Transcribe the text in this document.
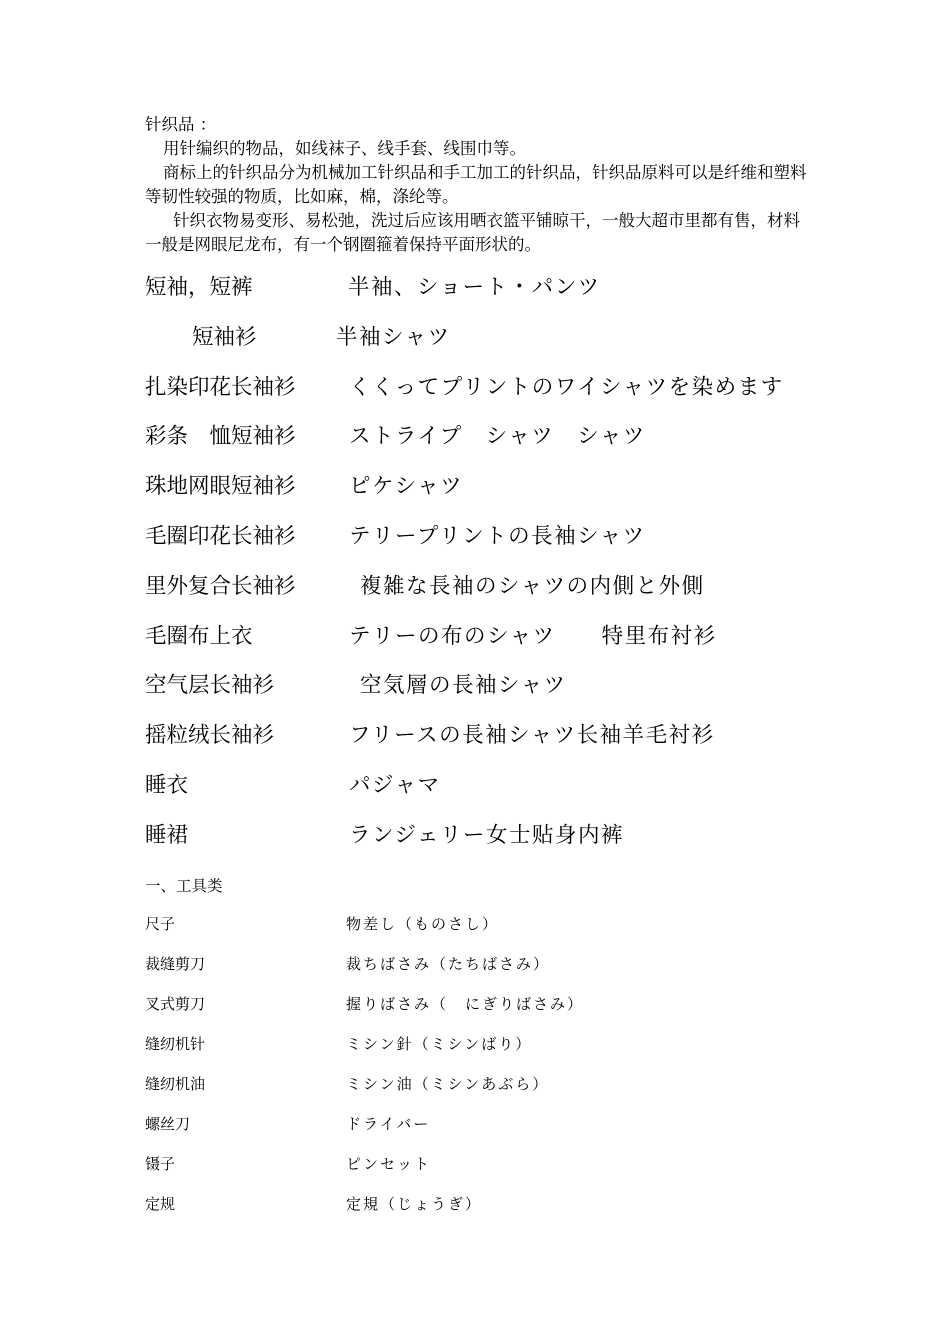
针织品 ：

用针编织的物品，如线袜子、线手套、线围巾等。

商标上的针织品分为机械加工针织品和手工加工的针织品，针织品原料可以是纤维和塑料等韧性较强的物质，比如麻，棉，涤纶等。

针织衣物易变形、易松弛，洗过后应该用晒衣篮平铺晾干，一般大超市里都有售，材料一般是网眼尼龙布，有一个钢圈箍着保持平面形状的。

短袖，短裤	半袖、ショート・パンツ
短袖衫	半袖シャツ
扎染印花长袖衫 くくってプリントのワイシャツを染めます
彩条　恤短袖衫 ストライプ　シャツ　シャツ
珠地网眼短袖衫 ピケシャツ
毛圈印花长袖衫 テリープリントの長袖シャツ
里外复合长袖衫	複雑な長袖のシャツの内側と外側
毛圈布上衣	テリーの布のシャツ　　特里布衬衫
空气层长袖衫	空気層の長袖シャツ
摇粒绒长袖衫	フリースの長袖シャツ长袖羊毛衬衫
睡衣	パジャマ
睡裙	ランジェリー女士贴身内裤
一、工具类
尺子	物差し（ものさし）
裁缝剪刀	裁ちばさみ（たちばさみ）
叉式剪刀	握りばさみ（　にぎりばさみ）
缝纫机针	ミシン針（ミシンばり）
缝纫机油	ミシン油（ミシンあぶら）
螺丝刀	ドライバー
镊子	ピンセット
定规	定規（じょうぎ）
